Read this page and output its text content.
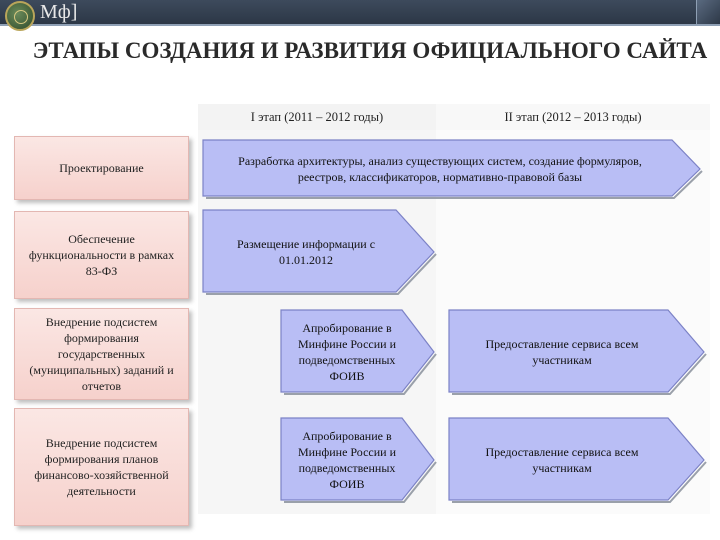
Мф]
ЭТАПЫ СОЗДАНИЯ И РАЗВИТИЯ ОФИЦИАЛЬНОГО САЙТА
I этап (2011 – 2012 годы)	II этап (2012 – 2013 годы)
Проектирование
Обеспечение функциональности в рамках 83-ФЗ
Внедрение подсистем формирования государственных (муниципальных) заданий и отчетов
Внедрение подсистем формирования планов финансово-хозяйственной деятельности
Разработка архитектуры, анализ существующих систем, создание формуляров, реестров, классификаторов, нормативно-правовой базы
Размещение информации с 01.01.2012
Апробирование в Минфине России и подведомственных ФОИВ
Предоставление сервиса всем участникам
Апробирование в Минфине России и подведомственных ФОИВ
Предоставление сервиса всем участникам
